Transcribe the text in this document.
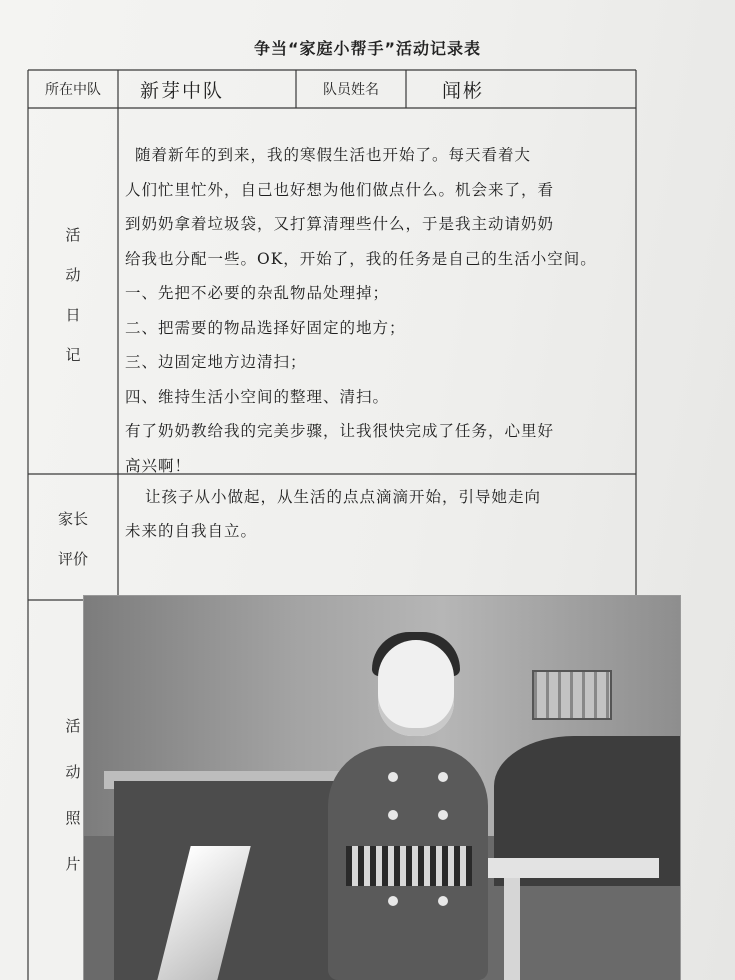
争当“家庭小帮手”活动记录表
所在中队	新芽中队	队员姓名	闻彬
活
动
日
记

随着新年的到来，我的寒假生活也开始了。每天看着大

人们忙里忙外，自己也好想为他们做点什么。机会来了，看

到奶奶拿着垃圾袋，又打算清理些什么，于是我主动请奶奶

给我也分配一些。OK，开始了，我的任务是自己的生活小空间。

一、先把不必要的杂乱物品处理掉；

二、把需要的物品选择好固定的地方；

三、边固定地方边清扫；

四、维持生活小空间的整理、清扫。

有了奶奶教给我的完美步骤，让我很快完成了任务，心里好

高兴啊！

家长
评价

让孩子从小做起，从生活的点点滴滴开始，引导她走向

未来的自我自立。

活
动
照
片
